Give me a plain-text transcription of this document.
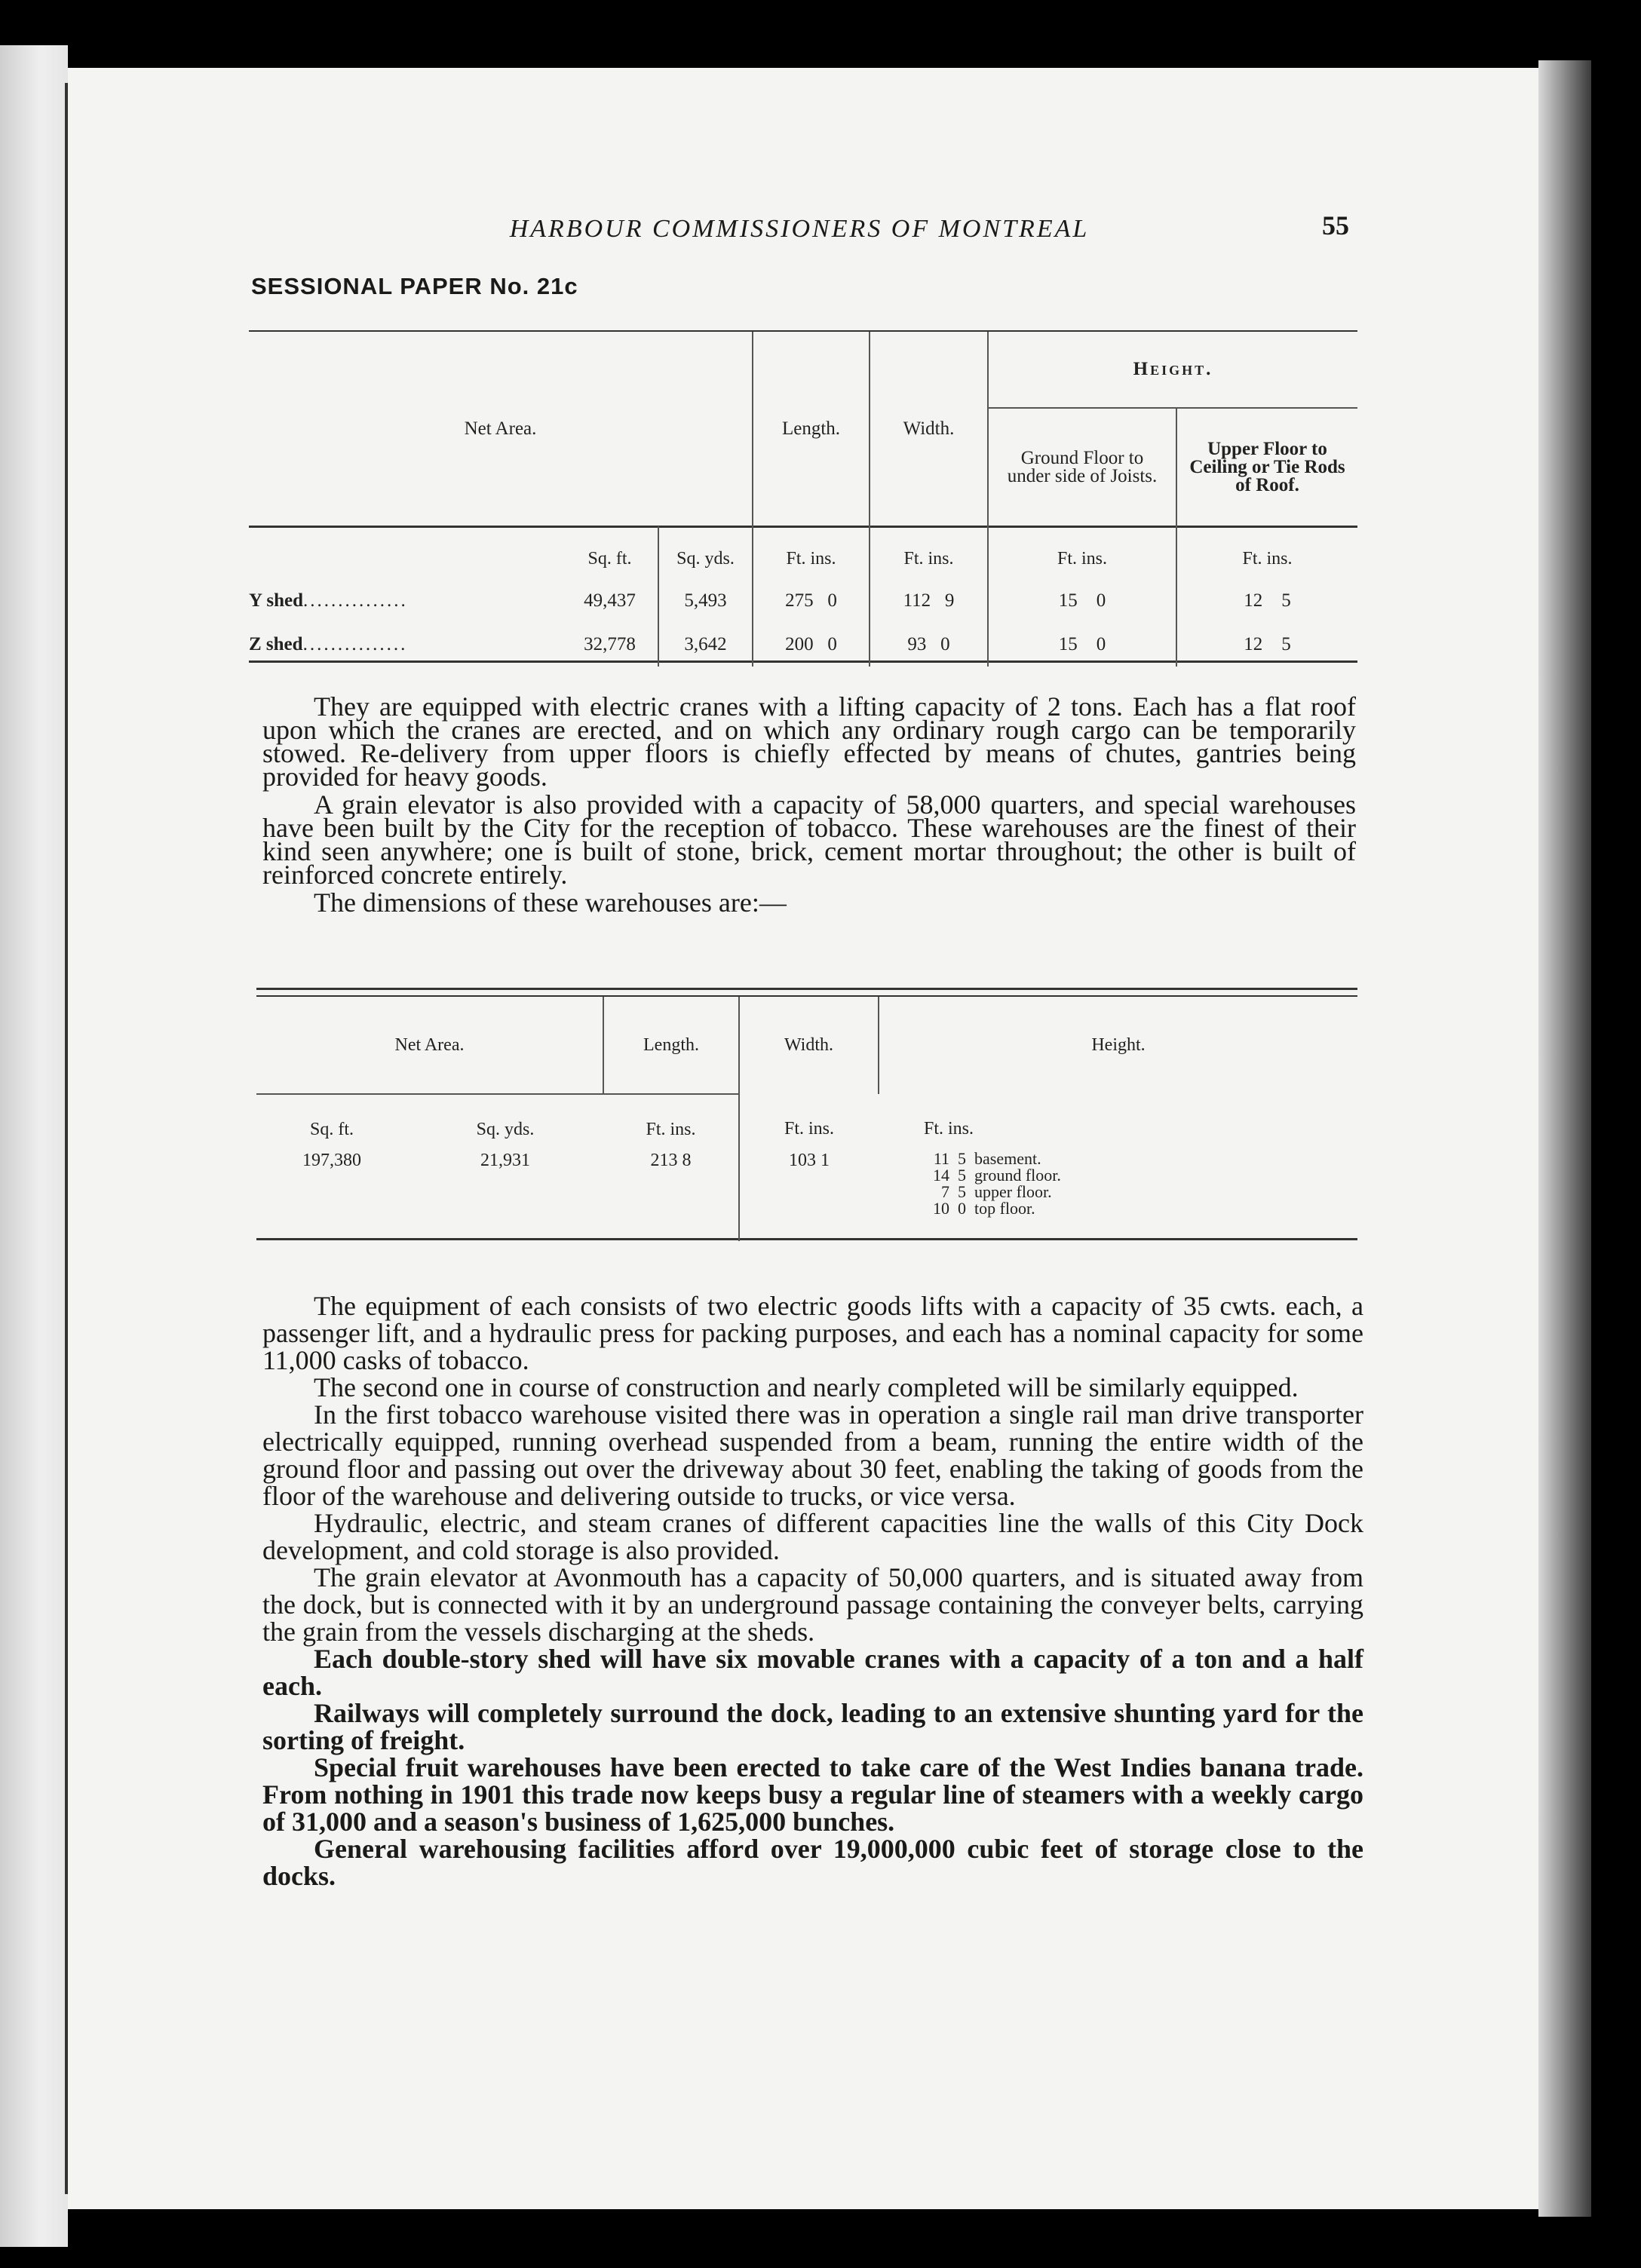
HARBOUR COMMISSIONERS OF MONTREAL	55
SESSIONAL PAPER No. 21c
Net Area.			Length.	Width.	Height.	
					Ground Floor to under side of Joists.	Upper Floor to Ceiling or Tie Rods of Roof.
	Sq. ft.	Sq. yds.	Ft. ins.	Ft. ins.	Ft. ins.	Ft. ins.
Y shed...............	49,437	5,493	275 0	112 9	15 0	12 5
Z shed...............	32,778	3,642	200 0	93 0	15 0	12 5

They are equipped with electric cranes with a lifting capacity of 2 tons. Each has a flat roof upon which the cranes are erected, and on which any ordinary rough cargo can be temporarily stowed. Re-delivery from upper floors is chiefly effected by means of chutes, gantries being provided for heavy goods.

A grain elevator is also provided with a capacity of 58,000 quarters, and special warehouses have been built by the City for the reception of tobacco. These warehouses are the finest of their kind seen anywhere; one is built of stone, brick, cement mortar throughout; the other is built of reinforced concrete entirely.

The dimensions of these warehouses are:—

Net Area.		Length.	Width.	Height.
Sq. ft.	Sq. yds.	Ft. ins.	Ft. ins.	Ft. ins.
197,380	21,931	213 8	103 1	11 5 basement.
14 5 ground floor.
7 5 upper floor.
10 0 top floor.

The equipment of each consists of two electric goods lifts with a capacity of 35 cwts. each, a passenger lift, and a hydraulic press for packing purposes, and each has a nominal capacity for some 11,000 casks of tobacco.

The second one in course of construction and nearly completed will be similarly equipped.

In the first tobacco warehouse visited there was in operation a single rail man drive transporter electrically equipped, running overhead suspended from a beam, running the entire width of the ground floor and passing out over the driveway about 30 feet, enabling the taking of goods from the floor of the warehouse and delivering outside to trucks, or vice versa.

Hydraulic, electric, and steam cranes of different capacities line the walls of this City Dock development, and cold storage is also provided.

The grain elevator at Avonmouth has a capacity of 50,000 quarters, and is situated away from the dock, but is connected with it by an underground passage containing the conveyer belts, carrying the grain from the vessels discharging at the sheds.

Each double-story shed will have six movable cranes with a capacity of a ton and a half each.

Railways will completely surround the dock, leading to an extensive shunting yard for the sorting of freight.

Special fruit warehouses have been erected to take care of the West Indies banana trade. From nothing in 1901 this trade now keeps busy a regular line of steamers with a weekly cargo of 31,000 and a season's business of 1,625,000 bunches.

General warehousing facilities afford over 19,000,000 cubic feet of storage close to the docks.
